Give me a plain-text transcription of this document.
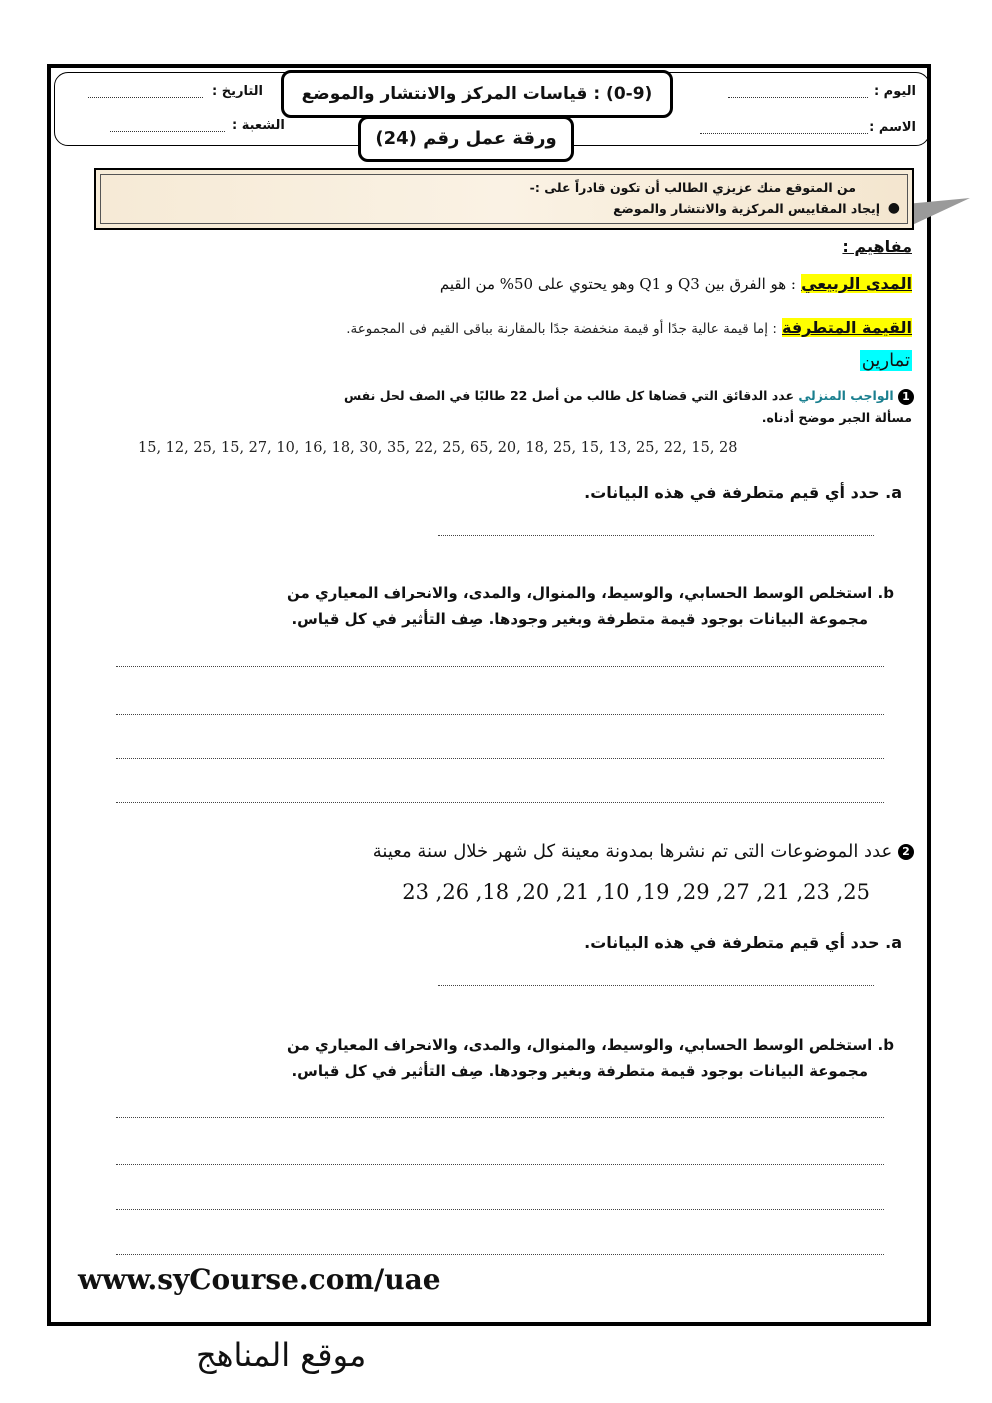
اليوم :
الاسم :
التاريخ :
الشعبة :
(0-9) : قياسات المركز والانتشار والموضع
ورقة عمل رقم (24)
من المتوقع منك عزيزي الطالب أن تكون قادراً على :-
●
إيجاد المقاييس المركزية والانتشار والموضع
مفاهيم :
المدى الربيعي : هو الفرق بين Q3 و Q1 وهو يحتوي على 50% من القيم
القيمة المتطرفة : إما قيمة عالية جدًا أو قيمة منخفضة جدًا بالمقارنة بباقى القيم فى المجموعة.
تمارين
1 الواجب المنزلي عدد الدقائق التي قضاها كل طالب من أصل 22 طالبًا في الصف لحل نفس
مسألة الجبر موضح أدناه.
15, 12, 25, 15, 27, 10, 16, 18, 30, 35, 22, 25, 65, 20, 18, 25, 15, 13, 25, 22, 15, 28
a. حدد أي قيم متطرفة في هذه البيانات.
b. استخلص الوسط الحسابي، والوسيط، والمنوال، والمدى، والانحراف المعياري من
مجموعة البيانات بوجود قيمة متطرفة وبغير وجودها. صِف التأثير في كل قياس.
2 عدد الموضوعات التى تم نشرها بمدونة معينة كل شهر خلال سنة معينة
25, 23, 21, 27, 29, 19, 10, 21, 20, 18, 26, 23
a. حدد أي قيم متطرفة في هذه البيانات.
b. استخلص الوسط الحسابي، والوسيط، والمنوال، والمدى، والانحراف المعياري من
مجموعة البيانات بوجود قيمة متطرفة وبغير وجودها. صِف التأثير في كل قياس.
www.syCourse.com/uae
موقع المناهج
